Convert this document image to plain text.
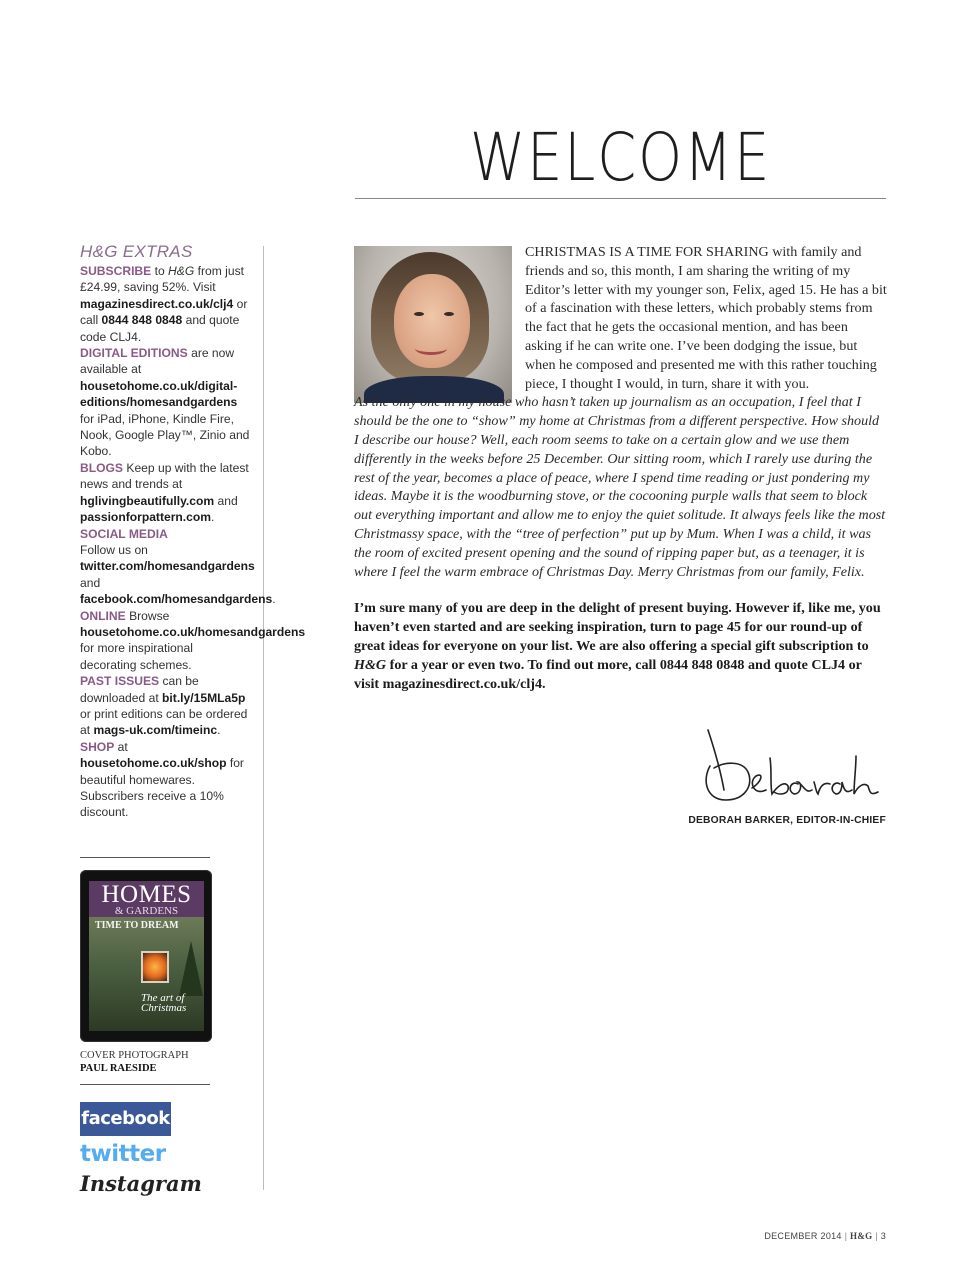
WELCOME
H&G EXTRAS
SUBSCRIBE to H&G from just £24.99, saving 52%. Visit magazinesdirect.co.uk/clj4 or call 0844 848 0848 and quote code CLJ4.
DIGITAL EDITIONS are now available at housetohome.co.uk/digital-editions/homesandgardens for iPad, iPhone, Kindle Fire, Nook, Google Play™, Zinio and Kobo.
BLOGS Keep up with the latest news and trends at hglivingbeautifully.com and passionforpattern.com.
SOCIAL MEDIA
Follow us on twitter.com/homesandgardens and facebook.com/homesandgardens.
ONLINE Browse housetohome.co.uk/homesandgardens for more inspirational decorating schemes.
PAST ISSUES can be downloaded at bit.ly/15MLa5p or print editions can be ordered at mags-uk.com/timeinc.
SHOP at housetohome.co.uk/shop for beautiful homewares. Subscribers receive a 10% discount.
HOMES
& GARDENS
TIME TO DREAM
The art of Christmas
COVER PHOTOGRAPH
PAUL RAESIDE
facebook
twitter
Instagram

CHRISTMAS IS A TIME FOR SHARING with family and friends and so, this month, I am sharing the writing of my Editor’s letter with my younger son, Felix, aged 15. He has a bit of a fascination with these letters, which probably stems from the fact that he gets the occasional mention, and has been asking if he can write one. I’ve been dodging the issue, but when he composed and presented me with this rather touching piece, I thought I would, in turn, share it with you.

As the only one in my house who hasn’t taken up journalism as an occupation, I feel that I should be the one to “show” my home at Christmas from a different perspective. How should I describe our house? Well, each room seems to take on a certain glow and we use them differently in the weeks before 25 December. Our sitting room, which I rarely use during the rest of the year, becomes a place of peace, where I spend time reading or just pondering my ideas. Maybe it is the woodburning stove, or the cocooning purple walls that seem to block out everything important and allow me to enjoy the quiet solitude. It always feels like the most Christmassy space, with the “tree of perfection” put up by Mum. When I was a child, it was the room of excited present opening and the sound of ripping paper but, as a teenager, it is where I feel the warm embrace of Christmas Day. Merry Christmas from our family, Felix.

I’m sure many of you are deep in the delight of present buying. However if, like me, you haven’t even started and are seeking inspiration, turn to page 45 for our round-up of great ideas for everyone on your list. We are also offering a special gift subscription to H&G for a year or even two. To find out more, call 0844 848 0848 and quote CLJ4 or visit magazinesdirect.co.uk/clj4.

Deborah
DEBORAH BARKER, EDITOR-IN-CHIEF
DECEMBER 2014 | H&G | 3
